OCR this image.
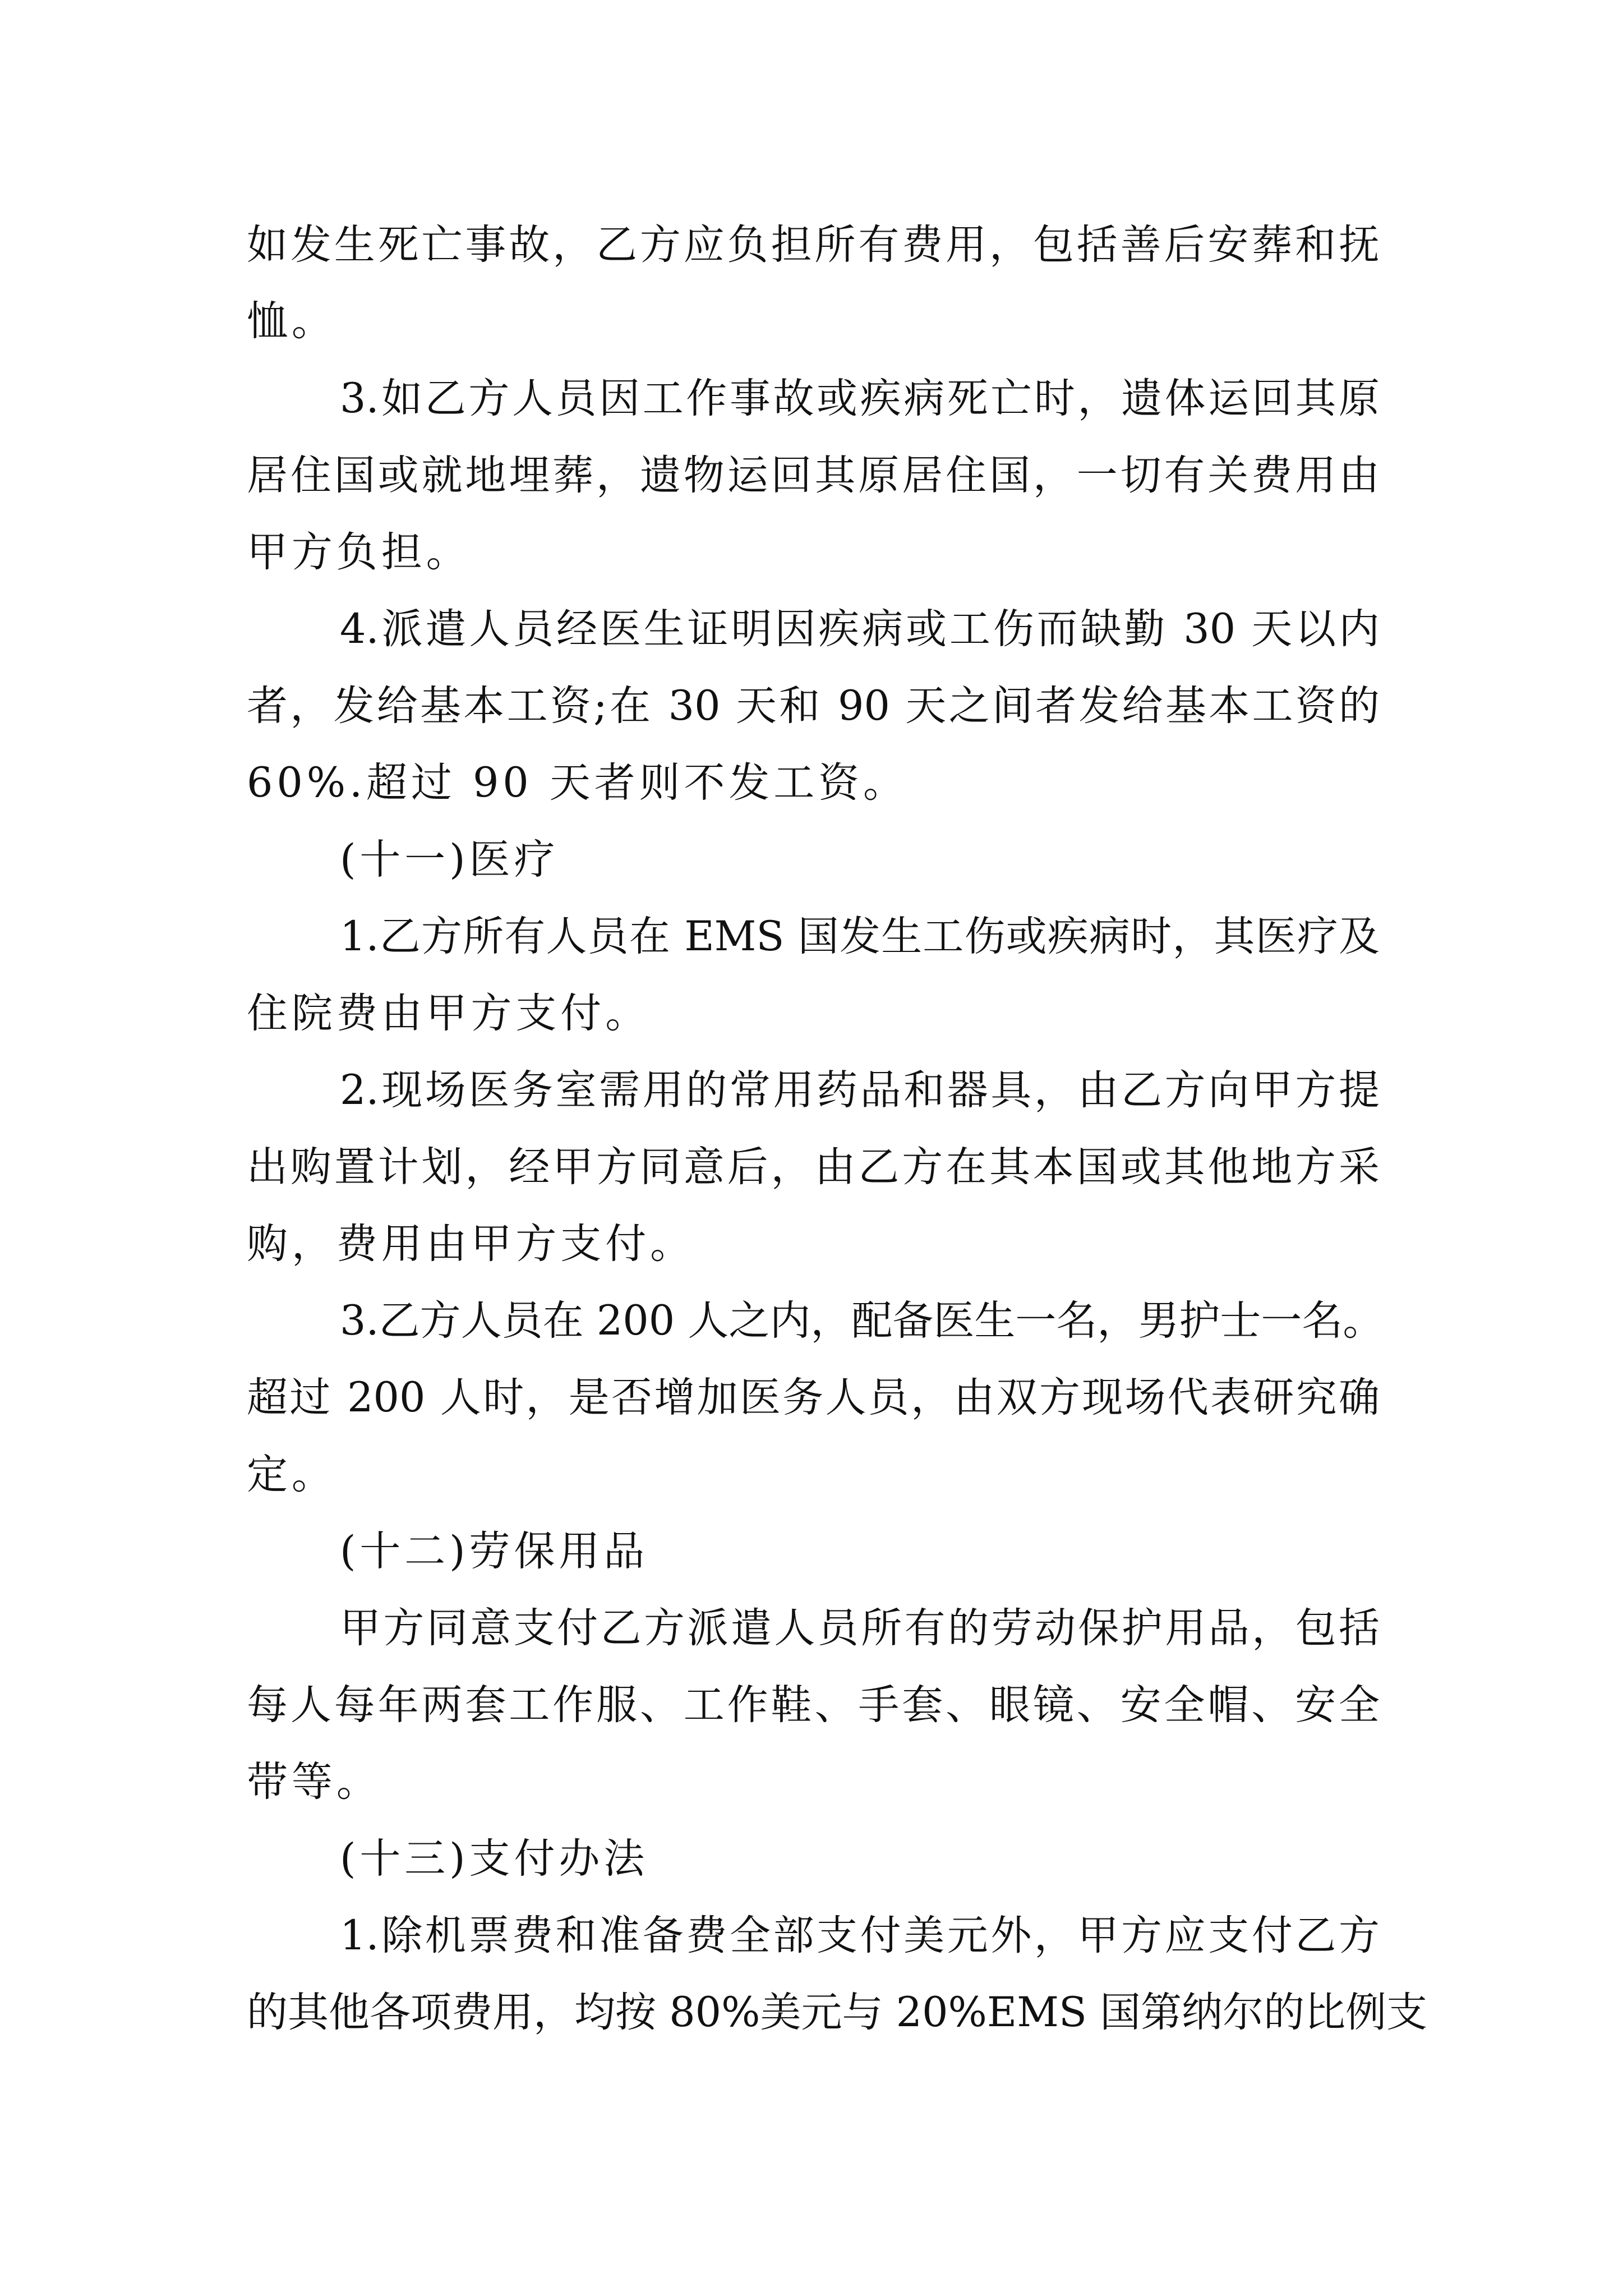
如发生死亡事故，乙方应负担所有费用，包括善后安葬和抚

恤。

3.如乙方人员因工作事故或疾病死亡时，遗体运回其原

居住国或就地埋葬，遗物运回其原居住国，一切有关费用由

甲方负担。

4.派遣人员经医生证明因疾病或工伤而缺勤 30 天以内

者，发给基本工资;在 30 天和 90 天之间者发给基本工资的

60%.超过 90 天者则不发工资。

(十一)医疗

1.乙方所有人员在 EMS 国发生工伤或疾病时，其医疗及

住院费由甲方支付。

2.现场医务室需用的常用药品和器具，由乙方向甲方提

出购置计划，经甲方同意后，由乙方在其本国或其他地方采

购，费用由甲方支付。

3.乙方人员在 200 人之内，配备医生一名，男护士一名。

超过 200 人时，是否增加医务人员，由双方现场代表研究确

定。

(十二)劳保用品

甲方同意支付乙方派遣人员所有的劳动保护用品，包括

每人每年两套工作服、工作鞋、手套、眼镜、安全帽、安全

带等。

(十三)支付办法

1.除机票费和准备费全部支付美元外，甲方应支付乙方

的其他各项费用，均按 80%美元与 20%EMS 国第纳尔的比例支
